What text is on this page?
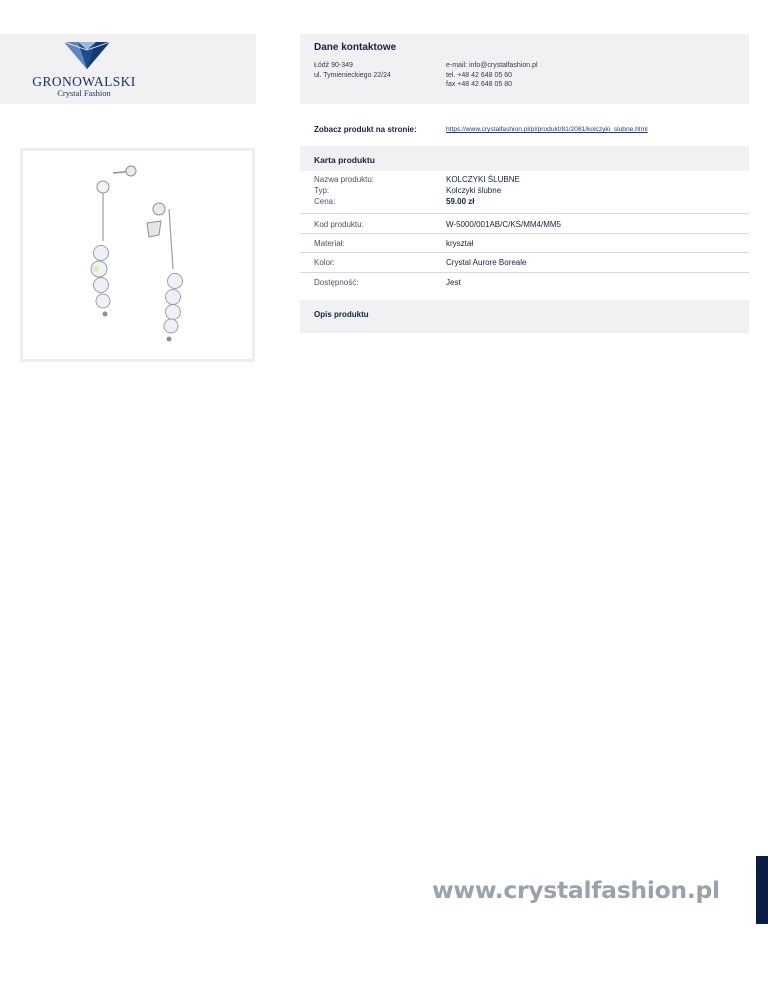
GRONOWALSKI
Crystal Fashion
Dane kontaktowe
Łódź 90-349
ul. Tymienieckiego 22/24
e-mail: info@crystalfashion.pl
tel. +48 42 648 05 60
fax +48 42 648 05 80
Zobacz produkt na stronie:	https://www.crystalfashion.pl/pl/produkt/81/2081/kolczyki_slubne.html
Karta produktu
Nazwa produktu:	KOLCZYKI ŚLUBNE
Typ:	Kolczyki ślubne
Cena:	59.00 zł
Kod produktu:	W-5000/001AB/C/KS/MM4/MM5
Materiał:	kryształ
Kolor:	Crystal Aurore Boreale
Dostępność:	Jest
Opis produktu
www.crystalfashion.pl
